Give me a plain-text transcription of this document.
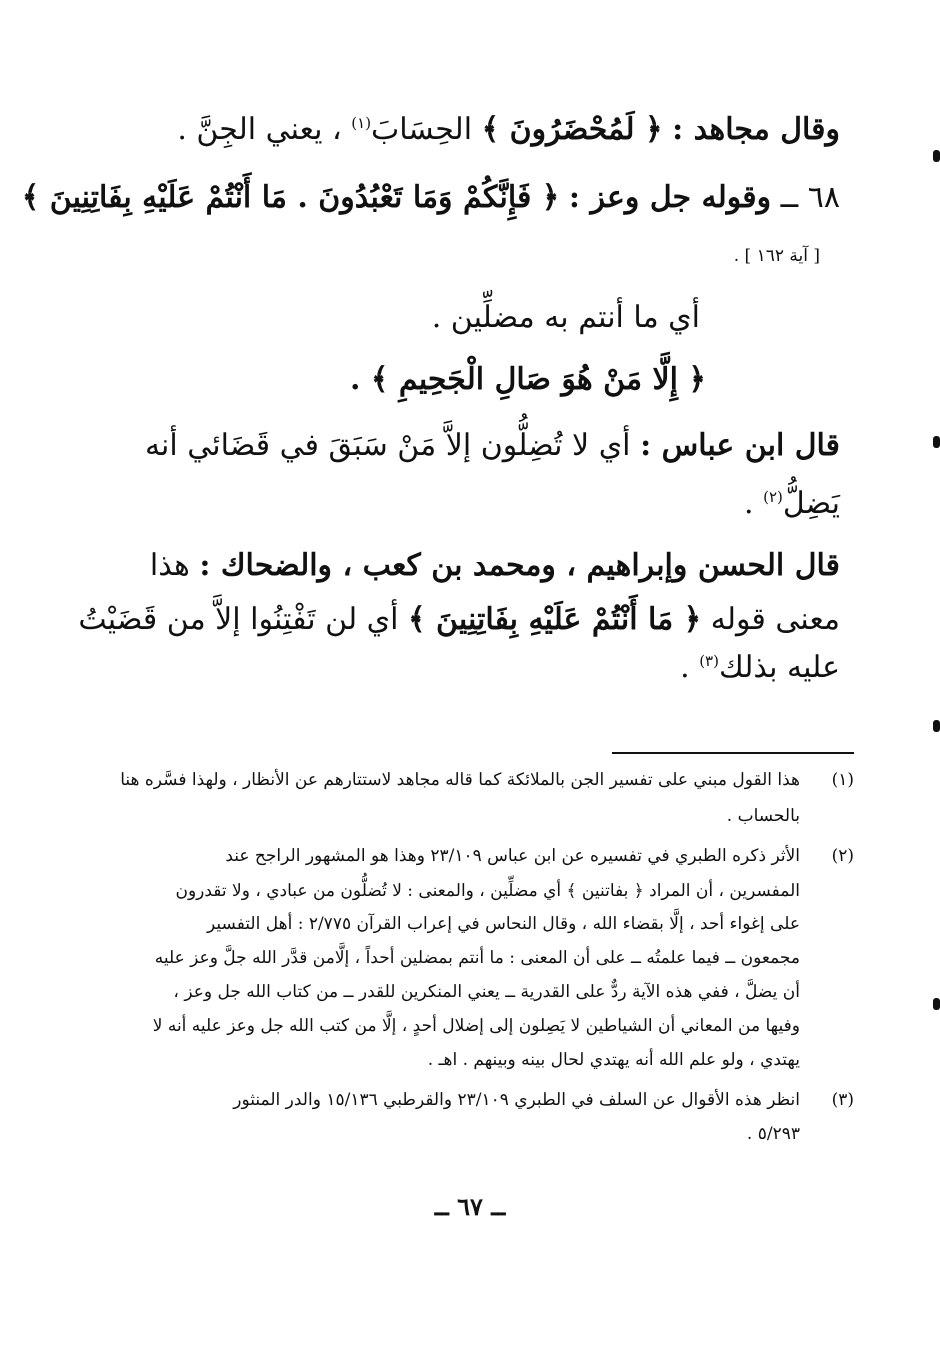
وقال مجاهد : ﴿ لَمُحْضَرُونَ ﴾ الحِسَابَ$^{(١)}$ ، يعني الجِنَّ .
٦٨ ــ وقوله جل وعز : ﴿ فَإِنَّكُمْ وَمَا تَعْبُدُونَ . مَا أَنْتُمْ عَلَيْهِ بِفَاتِنِينَ ﴾
[ آية ١٦٢ ] .
أي ما أنتم به مضلِّين .
﴿ إِلَّا مَنْ هُوَ صَالِ الْجَحِيمِ ﴾ .
قال ابن عباس : أي لا تُضِلُّون إلاَّ مَنْ سَبَقَ في قَضَائي أنه
يَضِلُّ$^{(٢)}$ .
قال الحسن وإبراهيم ، ومحمد بن كعب ، والضحاك : هذا
معنى قوله ﴿ مَا أَنْتُمْ عَلَيْهِ بِفَاتِنِينَ ﴾ أي لن تَفْتِنُوا إلاَّ من قَضَيْتُ
عليه بذلك$^{(٣)}$ .
(١)
هذا القول مبني على تفسير الجن بالملائكة كما قاله مجاهد لاستتارهم عن الأنظار ، ولهذا فسَّره هنا
بالحساب .
(٢)
الأثر ذكره الطبري في تفسيره عن ابن عباس ٢٣/١٠٩ وهذا هو المشهور الراجح عند
المفسرين ، أن المراد ﴿ بفاتنين ﴾ أي مضلِّين ، والمعنى : لا تُضلُّون من عبادي ، ولا تقدرون
على إغواء أحد ، إلَّا بقضاء الله ، وقال النحاس في إعراب القرآن ٢/٧٧٥ : أهل التفسير
مجمعون ــ فيما علمتُه ــ على أن المعنى : ما أنتم بمضلين أحداً ، إلَّامن قدَّر الله جلَّ وعز عليه
أن يضلَّ ، ففي هذه الآية ردٌّ على القدرية ــ يعني المنكرين للقدر ــ من كتاب الله جل وعز ،
وفيها من المعاني أن الشياطين لا يَصِلون إلى إضلال أحدٍ ، إلَّا من كتب الله جل وعز عليه أنه لا
يهتدي ، ولو علم الله أنه يهتدي لحال بينه وبينهم . اهـ .
(٣)
انظر هذه الأقوال عن السلف في الطبري ٢٣/١٠٩ والقرطبي ١٥/١٣٦ والدر المنثور
٥/٢٩٣ .
ــ ٦٧ ــ
